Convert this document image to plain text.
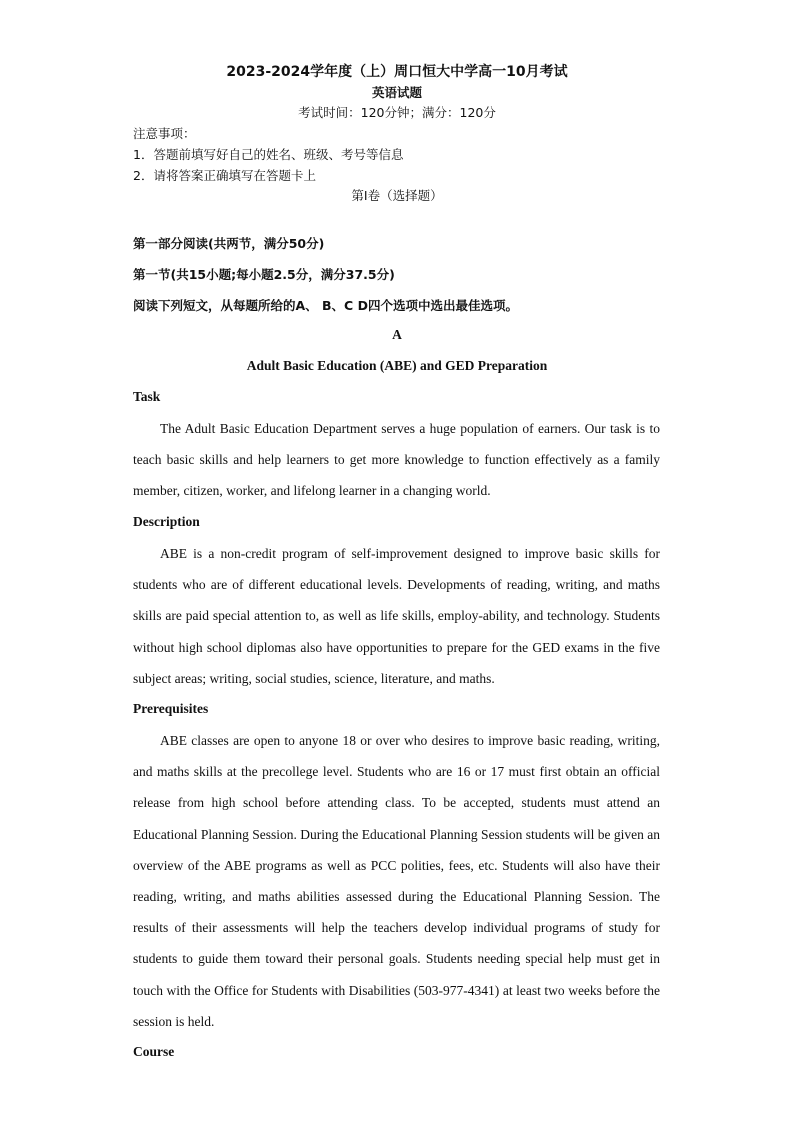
2023-2024学年度（上）周口恒大中学高一10月考试
英语试题
考试时间：120分钟；满分：120分
注意事项：
1．答题前填写好自己的姓名、班级、考号等信息
2．请将答案正确填写在答题卡上
第I卷（选择题）
第一部分阅读(共两节，满分50分)
第一节(共15小题;每小题2.5分，满分37.5分)
阅读下列短文，从每题所给的A、 B、C D四个选项中选出最佳选项。
A
Adult Basic Education (ABE) and GED Preparation
Task

The Adult Basic Education Department serves a huge population of earners. Our task is to teach basic skills and help learners to get more knowledge to function effectively as a family member, citizen, worker, and lifelong learner in a changing world.

Description

ABE is a non-credit program of self-improvement designed to improve basic skills for students who are of different educational levels. Developments of reading, writing, and maths skills are paid special attention to, as well as life skills, employ-ability, and technology. Students without high school diplomas also have opportunities to prepare for the GED exams in the five subject areas; writing, social studies, science, literature, and maths.

Prerequisites

ABE classes are open to anyone 18 or over who desires to improve basic reading, writing, and maths skills at the precollege level. Students who are 16 or 17 must first obtain an official release from high school before attending class. To be accepted, students must attend an Educational Planning Session. During the Educational Planning Session students will be given an overview of the ABE programs as well as PCC polities, fees, etc. Students will also have their reading, writing, and maths abilities assessed during the Educational Planning Session. The results of their assessments will help the teachers develop individual programs of study for students to guide them toward their personal goals. Students needing special help must get in touch with the Office for Students with Disabilities (503-977-4341) at least two weeks before the session is held.

Course
